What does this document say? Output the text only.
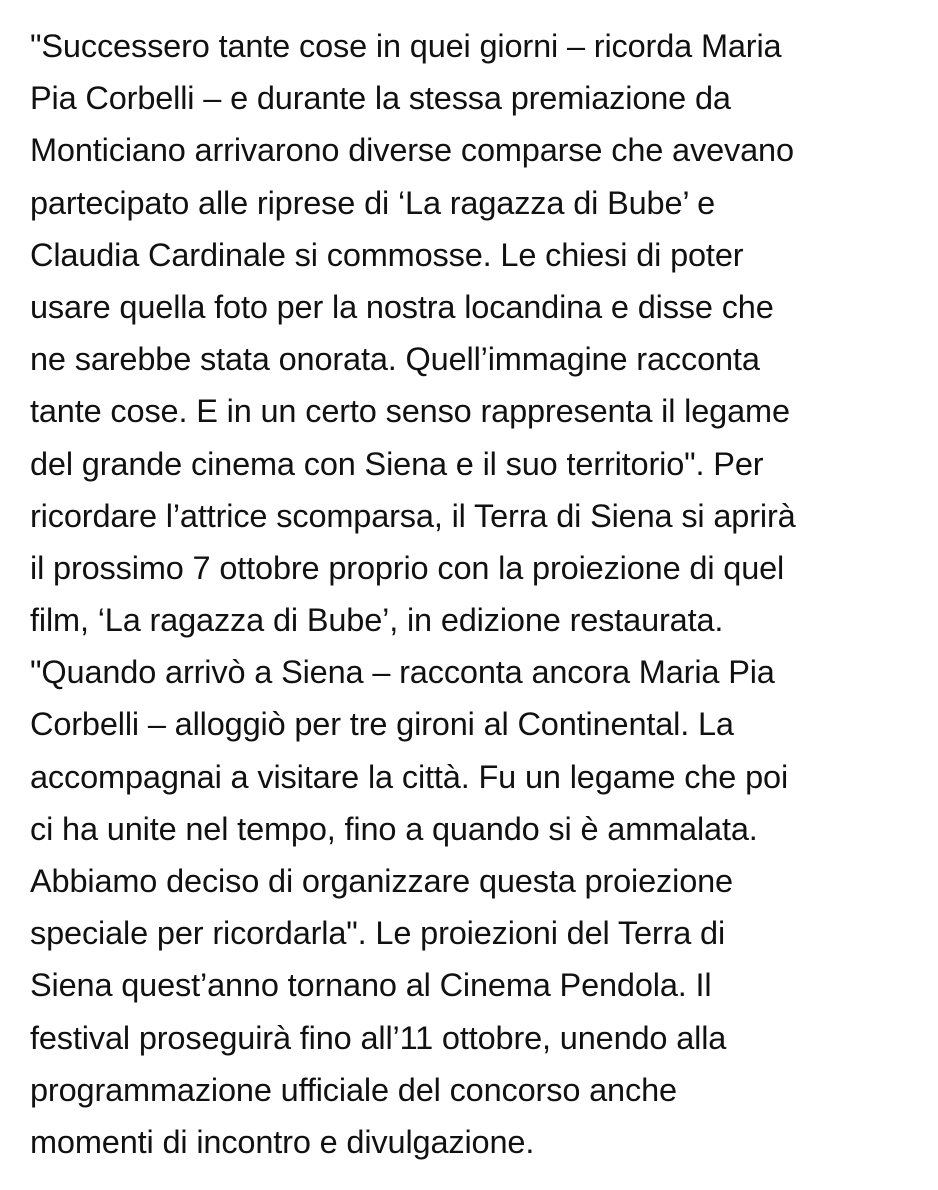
"Successero tante cose in quei giorni – ricorda Maria
Pia Corbelli – e durante la stessa premiazione da
Monticiano arrivarono diverse comparse che avevano
partecipato alle riprese di ‘La ragazza di Bube’ e
Claudia Cardinale si commosse. Le chiesi di poter
usare quella foto per la nostra locandina e disse che
ne sarebbe stata onorata. Quell’immagine racconta
tante cose. E in un certo senso rappresenta il legame
del grande cinema con Siena e il suo territorio". Per
ricordare l’attrice scomparsa, il Terra di Siena si aprirà
il prossimo 7 ottobre proprio con la proiezione di quel
film, ‘La ragazza di Bube’, in edizione restaurata.
"Quando arrivò a Siena – racconta ancora Maria Pia
Corbelli – alloggiò per tre gironi al Continental. La
accompagnai a visitare la città. Fu un legame che poi
ci ha unite nel tempo, fino a quando si è ammalata.
Abbiamo deciso di organizzare questa proiezione
speciale per ricordarla". Le proiezioni del Terra di
Siena quest’anno tornano al Cinema Pendola. Il
festival proseguirà fino all’11 ottobre, unendo alla
programmazione ufficiale del concorso anche
momenti di incontro e divulgazione.
